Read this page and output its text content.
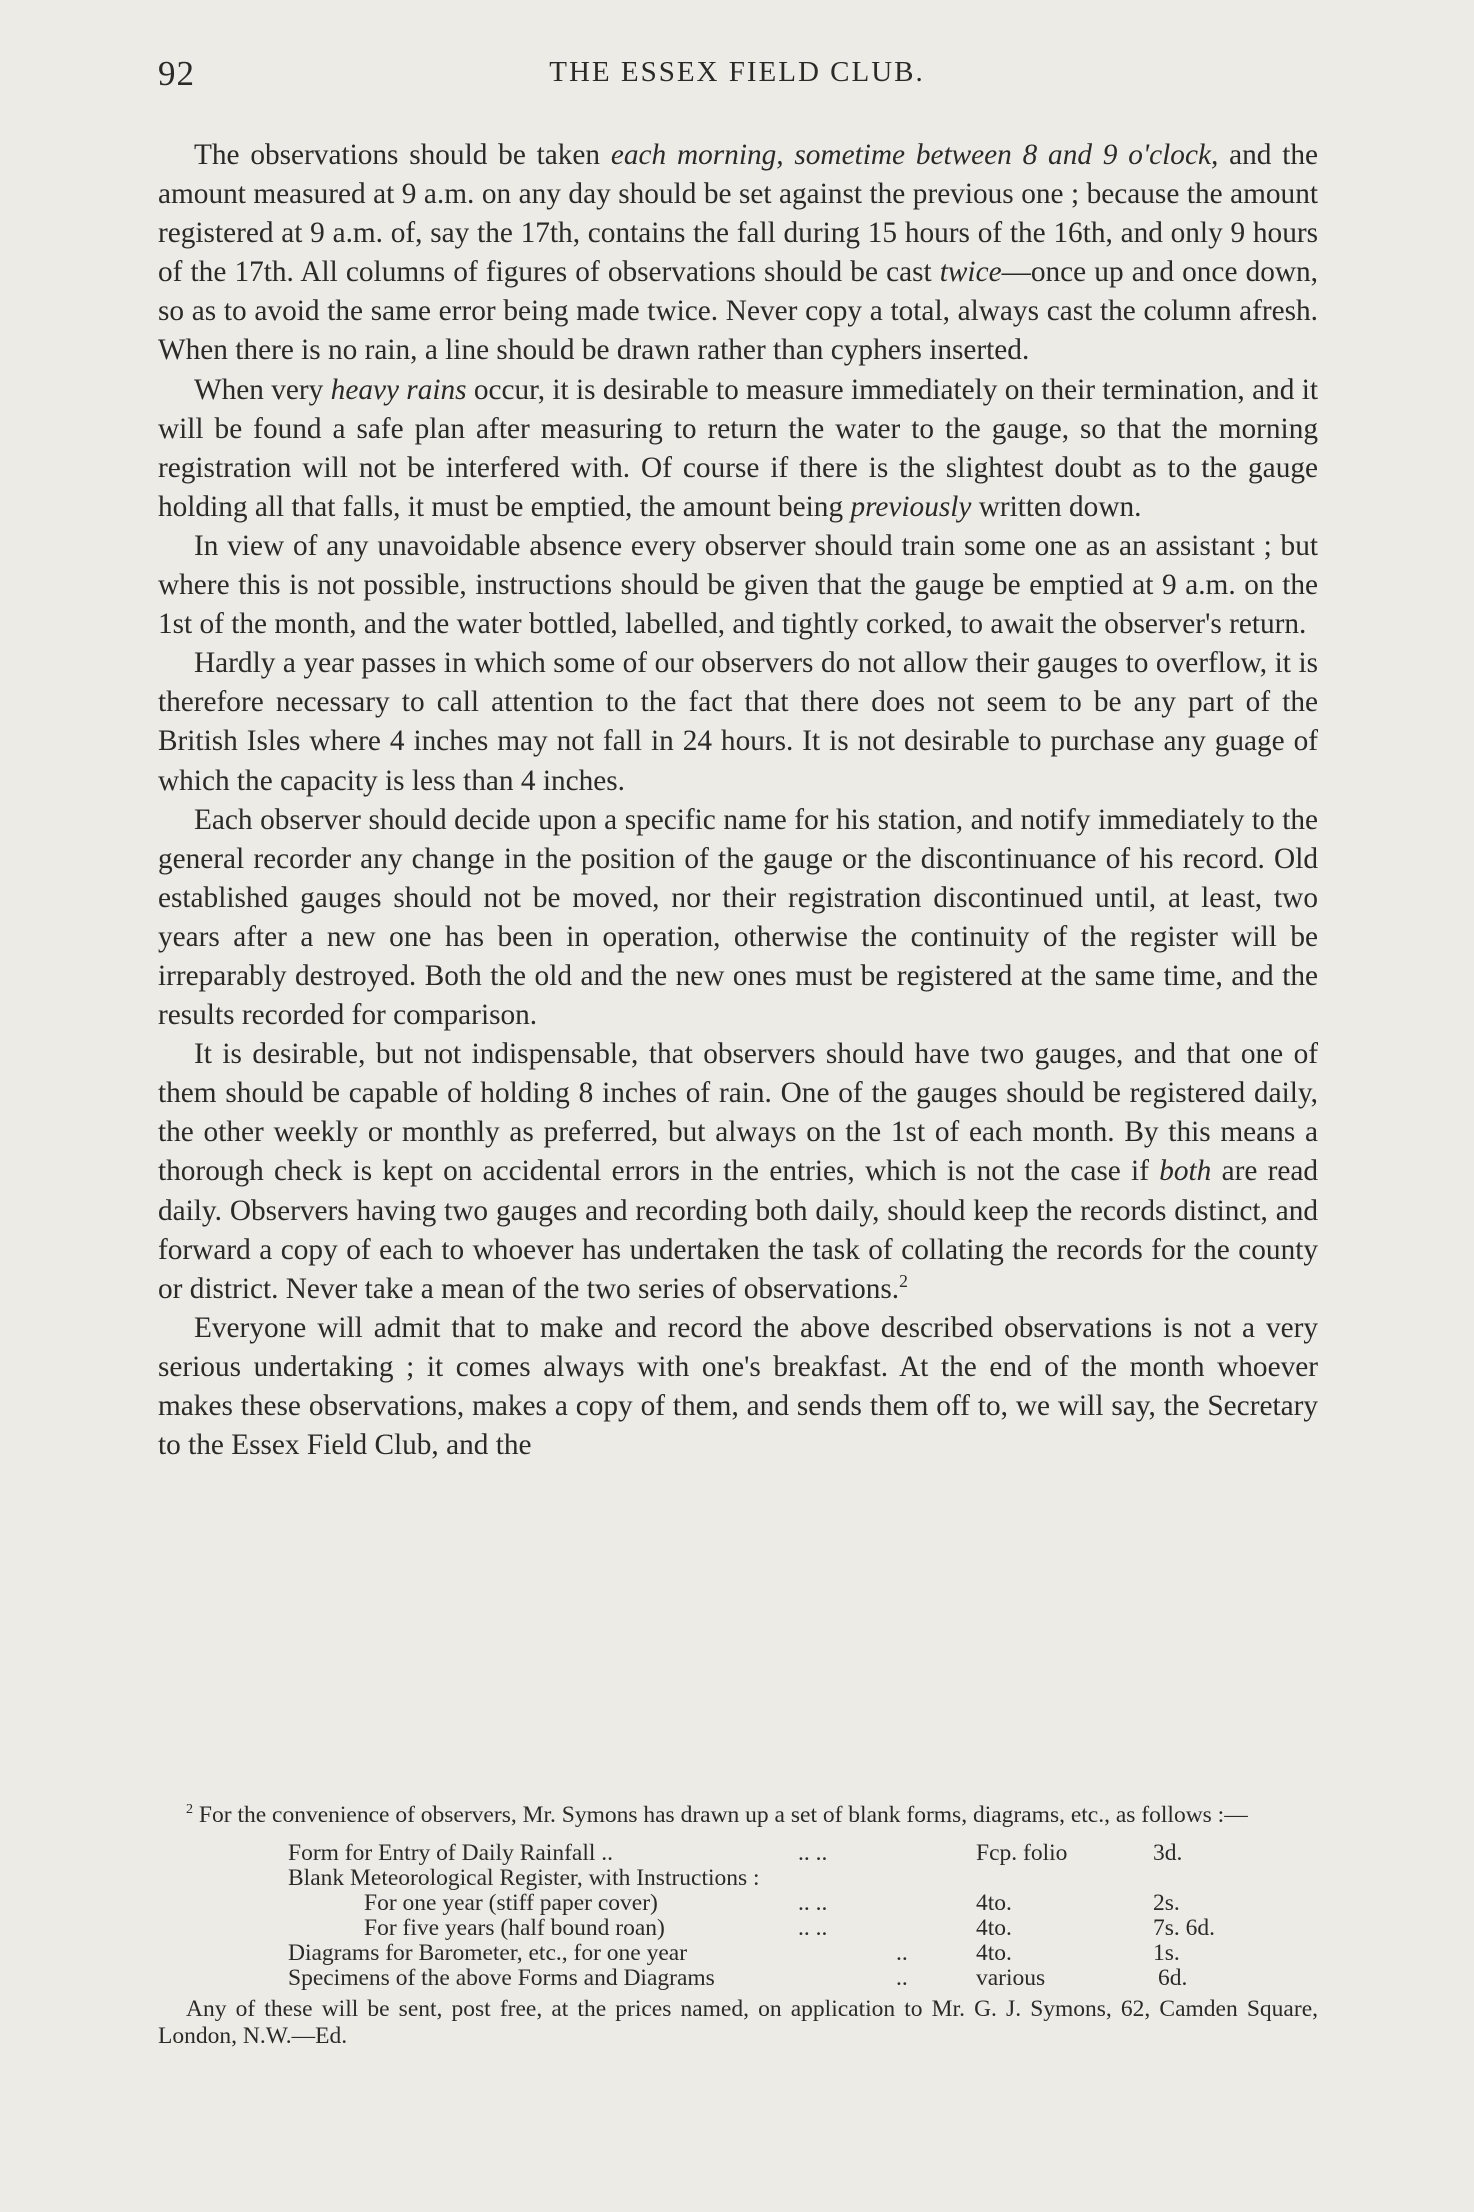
92	THE ESSEX FIELD CLUB.

The observations should be taken each morning, sometime between 8 and 9 o'clock, and the amount measured at 9 a.m. on any day should be set against the previous one ; because the amount registered at 9 a.m. of, say the 17th, contains the fall during 15 hours of the 16th, and only 9 hours of the 17th. All columns of figures of observations should be cast twice—once up and once down, so as to avoid the same error being made twice. Never copy a total, always cast the column afresh. When there is no rain, a line should be drawn rather than cyphers inserted.

When very heavy rains occur, it is desirable to measure immediately on their termination, and it will be found a safe plan after measuring to return the water to the gauge, so that the morning registration will not be interfered with. Of course if there is the slightest doubt as to the gauge holding all that falls, it must be emptied, the amount being previously written down.

In view of any unavoidable absence every observer should train some one as an assistant ; but where this is not possible, instructions should be given that the gauge be emptied at 9 a.m. on the 1st of the month, and the water bottled, labelled, and tightly corked, to await the observer's return.

Hardly a year passes in which some of our observers do not allow their gauges to overflow, it is therefore necessary to call attention to the fact that there does not seem to be any part of the British Isles where 4 inches may not fall in 24 hours. It is not desirable to purchase any guage of which the capacity is less than 4 inches.

Each observer should decide upon a specific name for his station, and notify immediately to the general recorder any change in the position of the gauge or the discontinuance of his record. Old established gauges should not be moved, nor their registration discontinued until, at least, two years after a new one has been in operation, otherwise the continuity of the register will be irreparably destroyed. Both the old and the new ones must be registered at the same time, and the results recorded for comparison.

It is desirable, but not indispensable, that observers should have two gauges, and that one of them should be capable of holding 8 inches of rain. One of the gauges should be registered daily, the other weekly or monthly as preferred, but always on the 1st of each month. By this means a thorough check is kept on accidental errors in the entries, which is not the case if both are read daily. Observers having two gauges and recording both daily, should keep the records distinct, and forward a copy of each to whoever has undertaken the task of collating the records for the county or district. Never take a mean of the two series of observations.$^2$

Everyone will admit that to make and record the above described observations is not a very serious undertaking ; it comes always with one's breakfast. At the end of the month whoever makes these observations, makes a copy of them, and sends them off to, we will say, the Secretary to the Essex Field Club, and the

$^2$ For the convenience of observers, Mr. Symons has drawn up a set of blank forms, diagrams, etc., as follows :—

Form for Entry of Daily Rainfall ..	.. ..	Fcp. folio	3d.
Blank Meteorological Register, with Instructions :
For one year (stiff paper cover)	.. ..	4to.	2s.
For five years (half bound roan)	.. ..	4to.	7s. 6d.
Diagrams for Barometer, etc., for one year	..	4to.	1s.
Specimens of the above Forms and Diagrams	..	various	6d.

Any of these will be sent, post free, at the prices named, on application to Mr. G. J. Symons, 62, Camden Square, London, N.W.—Ed.
